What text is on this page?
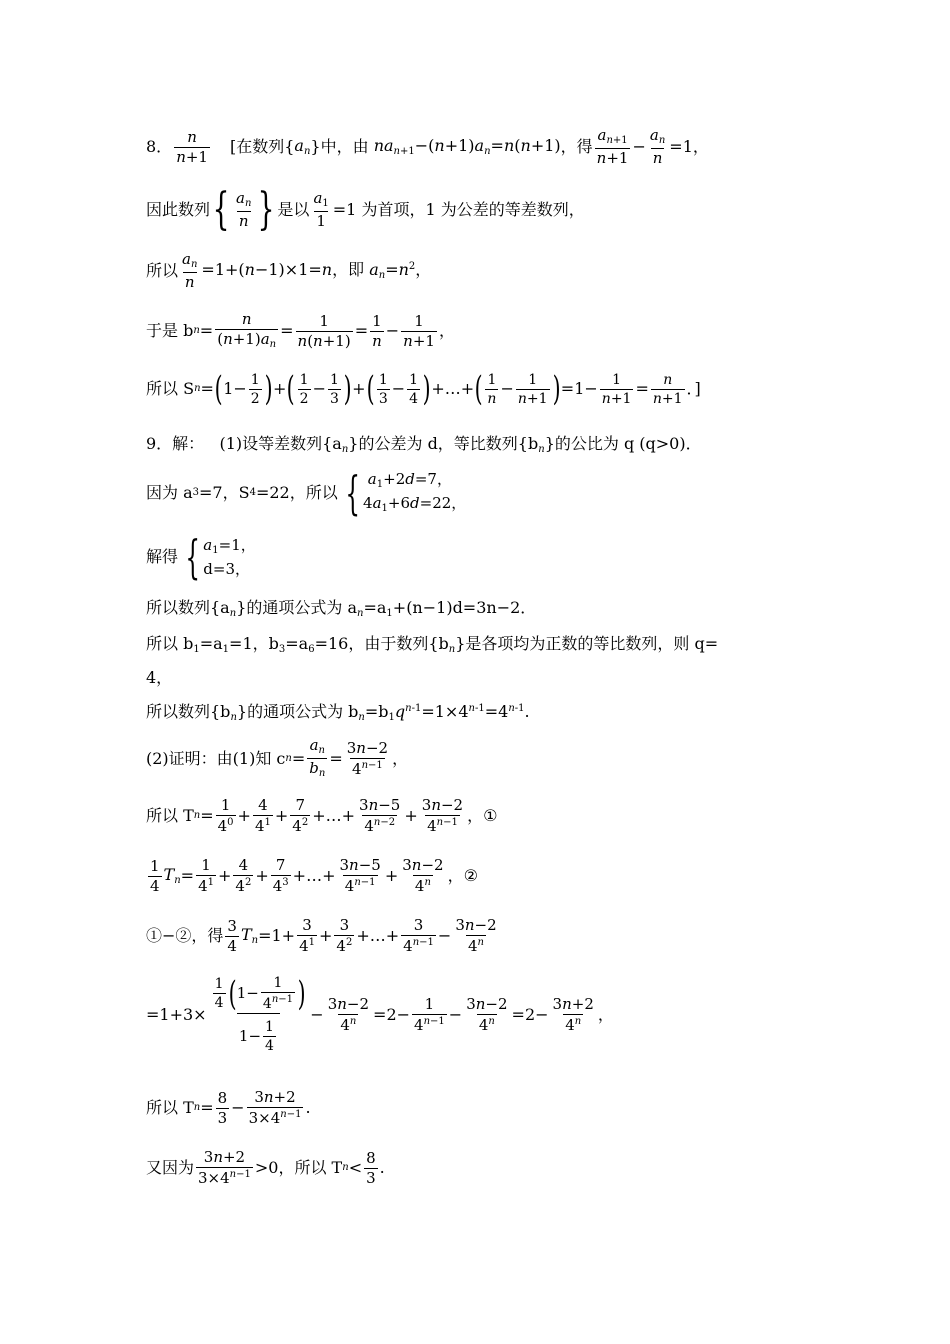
8． $\frac{n}{n+1}$ [在数列{ $a_n$ }中，由 $na_{n+1}-(n+1)a_n=n(n+1)$ ，得 $\frac{a_{n+1}}{n+1} - \frac{a_n}{n} =1$，
因此数列 { $\frac{a_n}{n}$ } 是以 $\frac{a_1}{1} =1$ 为首项，1 为公差的等差数列，
所以 $\frac{a_n}{n} =1+(n-1)\times 1=n$，即 $a_n=n^2$，
于是 b $n = \frac{n}{(n+1)a_n} = \frac{1}{n(n+1)} = \frac{1}{n} - \frac{1}{n+1}$ ，
所以 S n = ( $1- \frac{1}{2}$ ) + ( $\frac{1}{2} - \frac{1}{3}$ ) + ( $\frac{1}{3} - \frac{1}{4}$ ) +…+ ( $\frac{1}{n} - \frac{1}{n+1}$ ) $=1- \frac{1}{n+1} = \frac{n}{n+1}$ ．]
9．解： (1)设等差数列$\{a_n\}$的公差为 d，等比数列$\{b_n\}$的公比为 q (q>0)．
因为 a 3 =7，S 4 =22，所以 { $a_1+2d=7$，
$4a_1+6d=22$，
解得 { $a_1=1$，
d=3，
所以数列$\{a_n\}$的通项公式为 $a_n=a_1+(n-1)d=3n-2$．
所以 $b_1=a_1=1$，$b_3=a_6=16$，由于数列$\{b_n\}$是各项均为正数的等比数列，则 q=
4，
所以数列$\{b_n\}$的通项公式为 $b_n=b_1q^{n-1}=1\times 4^{n-1}=4^{n-1}$.
(2)证明：由(1)知 c $n = \frac{a_n}{b_n} = \frac{3n-2}{4^{n-1}}$ ，
所以 T $n = \frac{1}{4^0} + \frac{4}{4^1} + \frac{7}{4^2}$ +…+ $\frac{3n-5}{4^{n-2}} + \frac{3n-2}{4^{n-1}}$ ， ①
$\frac{1}{4} T_n = \frac{1}{4^1} + \frac{4}{4^2} + \frac{7}{4^3}$ +…+ $\frac{3n-5}{4^{n-1}} + \frac{3n-2}{4^n}$ ， ②
①−②，得 $\frac{3}{4} T_n =1+ \frac{3}{4^1} + \frac{3}{4^2}$ +…+ $\frac{3}{4^{n-1}} - \frac{3n-2}{4^n}$
$=1+3\times \frac{\frac{1}{4} ( 1- \frac{1}{4^{n-1}} )}{1- \frac{1}{4}} - \frac{3n-2}{4^n} =2- \frac{1}{4^{n-1}} - \frac{3n-2}{4^n} =2- \frac{3n+2}{4^n}$ ，
所以 T $n = \frac{8}{3} - \frac{3n+2}{3\times 4^{n-1}}$ .
又因为 $\frac{3n+2}{3\times 4^{n-1}} >0$，所以 T $n < \frac{8}{3}$ .
